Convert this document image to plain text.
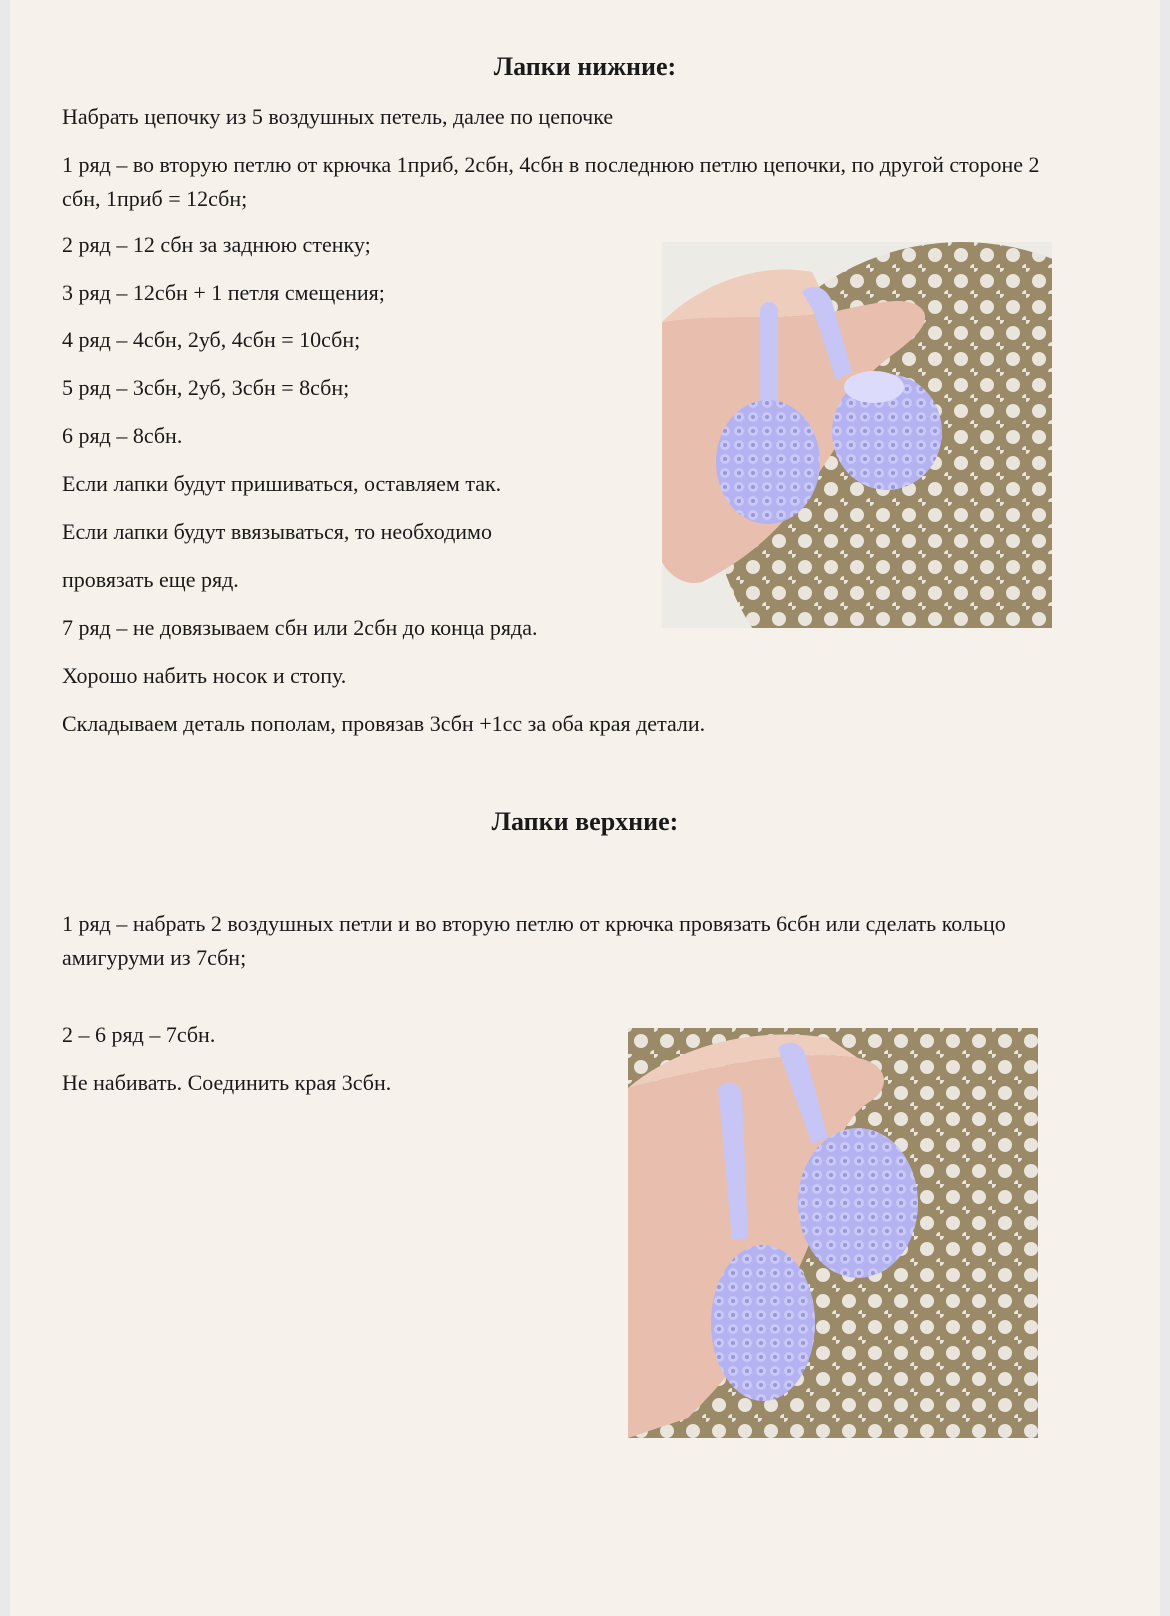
Лапки нижние:

Набрать цепочку из 5 воздушных петель, далее по цепочке

1 ряд – во вторую петлю от крючка 1приб, 2сбн, 4сбн в последнюю петлю цепочки, по другой стороне 2 сбн, 1приб = 12сбн;

2 ряд – 12 сбн за заднюю стенку;

3 ряд – 12сбн + 1 петля смещения;

4 ряд – 4сбн, 2уб, 4сбн = 10сбн;

5 ряд – 3сбн, 2уб, 3сбн = 8сбн;

6 ряд – 8сбн.

Если лапки будут пришиваться, оставляем так.

Если лапки будут ввязываться, то необходимо

провязать еще ряд.

7 ряд – не довязываем сбн или 2сбн до конца ряда.

Хорошо набить носок и стопу.

Складываем деталь пополам, провязав 3сбн +1сс за оба края детали.

Лапки верхние:

1 ряд – набрать 2 воздушных петли и во вторую петлю от крючка провязать 6сбн или сделать кольцо амигуруми из 7сбн;

2 – 6 ряд – 7сбн.

Не набивать. Соединить края 3сбн.
